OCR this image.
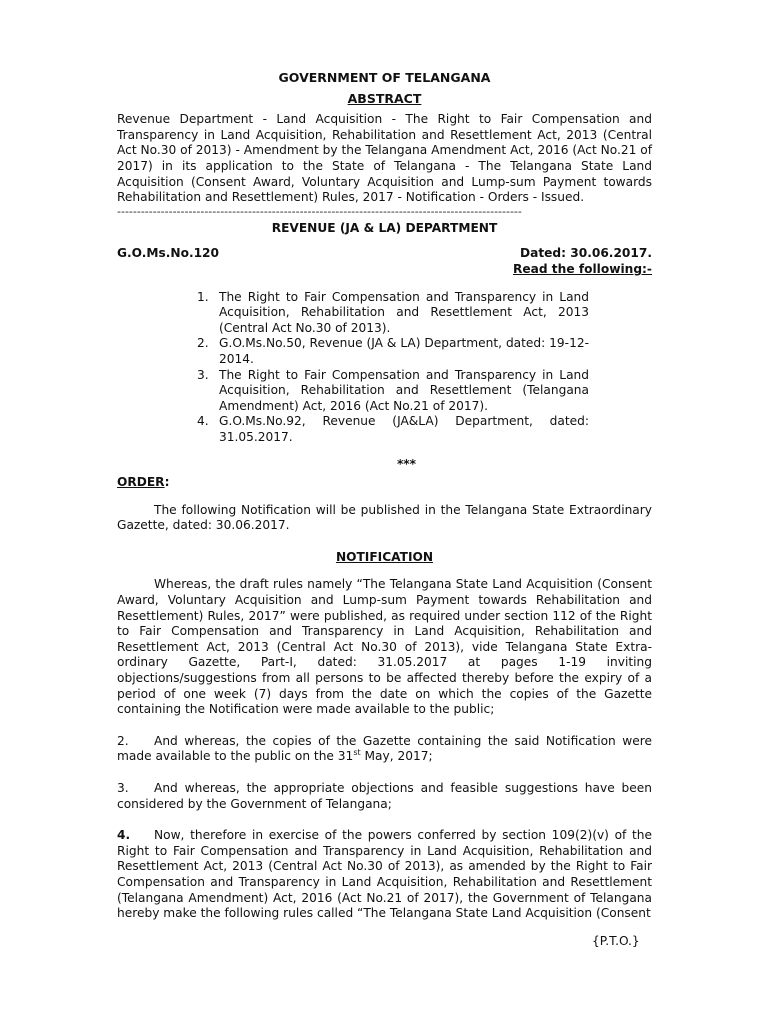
GOVERNMENT OF TELANGANA
ABSTRACT

Revenue Department - Land Acquisition - The Right to Fair Compensation and Transparency in Land Acquisition, Rehabilitation and Resettlement Act, 2013 (Central Act No.30 of 2013) - Amendment by the Telangana Amendment Act, 2016 (Act No.21 of 2017) in its application to the State of Telangana - The Telangana State Land Acquisition (Consent Award, Voluntary Acquisition and Lump-sum Payment towards Rehabilitation and Resettlement) Rules, 2017 - Notification - Orders - Issued.

------------------------------------------------------------------------------------------------------
REVENUE (JA & LA) DEPARTMENT
G.O.Ms.No.120	Dated: 30.06.2017.
Read the following:-
1. The Right to Fair Compensation and Transparency in Land Acquisition, Rehabilitation and Resettlement Act, 2013 (Central Act No.30 of 2013).
2. G.O.Ms.No.50, Revenue (JA & LA) Department, dated: 19-12-2014.
3. The Right to Fair Compensation and Transparency in Land Acquisition, Rehabilitation and Resettlement (Telangana Amendment) Act, 2016 (Act No.21 of 2017).
4. G.O.Ms.No.92, Revenue (JA&LA) Department, dated: 31.05.2017.
***
ORDER:

The following Notification will be published in the Telangana State Extraordinary Gazette, dated: 30.06.2017.

NOTIFICATION

Whereas, the draft rules namely “The Telangana State Land Acquisition (Consent Award, Voluntary Acquisition and Lump-sum Payment towards Rehabilitation and Resettlement) Rules, 2017” were published, as required under section 112 of the Right to Fair Compensation and Transparency in Land Acquisition, Rehabilitation and Resettlement Act, 2013 (Central Act No.30 of 2013), vide Telangana State Extra-ordinary Gazette, Part-I, dated: 31.05.2017 at pages 1-19 inviting objections/suggestions from all persons to be affected thereby before the expiry of a period of one week (7) days from the date on which the copies of the Gazette containing the Notification were made available to the public;

2. And whereas, the copies of the Gazette containing the said Notification were made available to the public on the 31st May, 2017;

3. And whereas, the appropriate objections and feasible suggestions have been considered by the Government of Telangana;

4. Now, therefore in exercise of the powers conferred by section 109(2)(v) of the Right to Fair Compensation and Transparency in Land Acquisition, Rehabilitation and Resettlement Act, 2013 (Central Act No.30 of 2013), as amended by the Right to Fair Compensation and Transparency in Land Acquisition, Rehabilitation and Resettlement (Telangana Amendment) Act, 2016 (Act No.21 of 2017), the Government of Telangana hereby make the following rules called “The Telangana State Land Acquisition (Consent

{P.T.O.}
